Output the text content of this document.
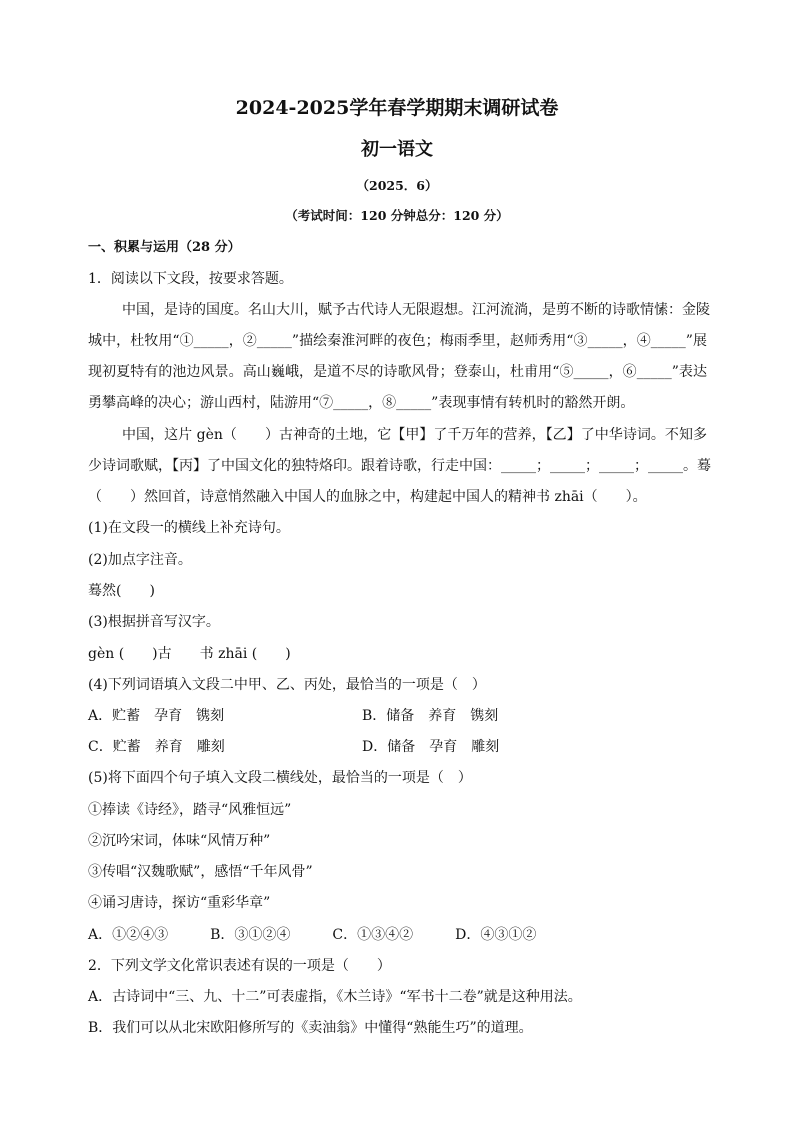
2024-2025学年春学期期末调研试卷
初一语文
（2025．6）
（考试时间：120 分钟总分：120 分）
一、积累与运用（28 分）
1．阅读以下文段，按要求答题。
中国，是诗的国度。名山大川，赋予古代诗人无限遐想。江河流淌，是剪不断的诗歌情愫：金陵
城中，杜牧用“①_____，②_____”描绘秦淮河畔的夜色；梅雨季里，赵师秀用“③_____，④_____”展
现初夏特有的池边风景。高山巍峨，是道不尽的诗歌风骨；登泰山，杜甫用“⑤_____，⑥_____”表达
勇攀高峰的决心；游山西村，陆游用“⑦_____，⑧_____”表现事情有转机时的豁然开朗。
中国，这片 gèn（　　）古神奇的土地，它【甲】了千万年的营养，【乙】了中华诗词。不知多
少诗词歌赋，【丙】了中国文化的独特烙印。跟着诗歌，行走中国：_____；_____；_____；_____。蓦
（　　）然回首，诗意悄然融入中国人的血脉之中，构建起中国人的精神书 zhāi（　　）。
(1)在文段一的横线上补充诗句。
(2)加点字注音。
蓦然(　　)
(3)根据拼音写汉字。
gèn (　　)古　　书 zhāi (　　)
(4)下列词语填入文段二中甲、乙、丙处，最恰当的一项是（　）
A．贮蓄　孕育　镌刻	B．储备　养育　镌刻
C．贮蓄　养育　雕刻	D．储备　孕育　雕刻
(5)将下面四个句子填入文段二横线处，最恰当的一项是（　）
①捧读《诗经》，踏寻“风雅恒远”
②沉吟宋词，体味“风情万种”
③传唱“汉魏歌赋”，感悟“千年风骨”
④诵习唐诗，探访“重彩华章”
A．①②④③　　　B．③①②④　　　C．①③④②　　　D．④③①②
2．下列文学文化常识表述有误的一项是（　　）
A．古诗词中“三、九、十二”可表虚指，《木兰诗》“军书十二卷”就是这种用法。
B．我们可以从北宋欧阳修所写的《卖油翁》中懂得“熟能生巧”的道理。
